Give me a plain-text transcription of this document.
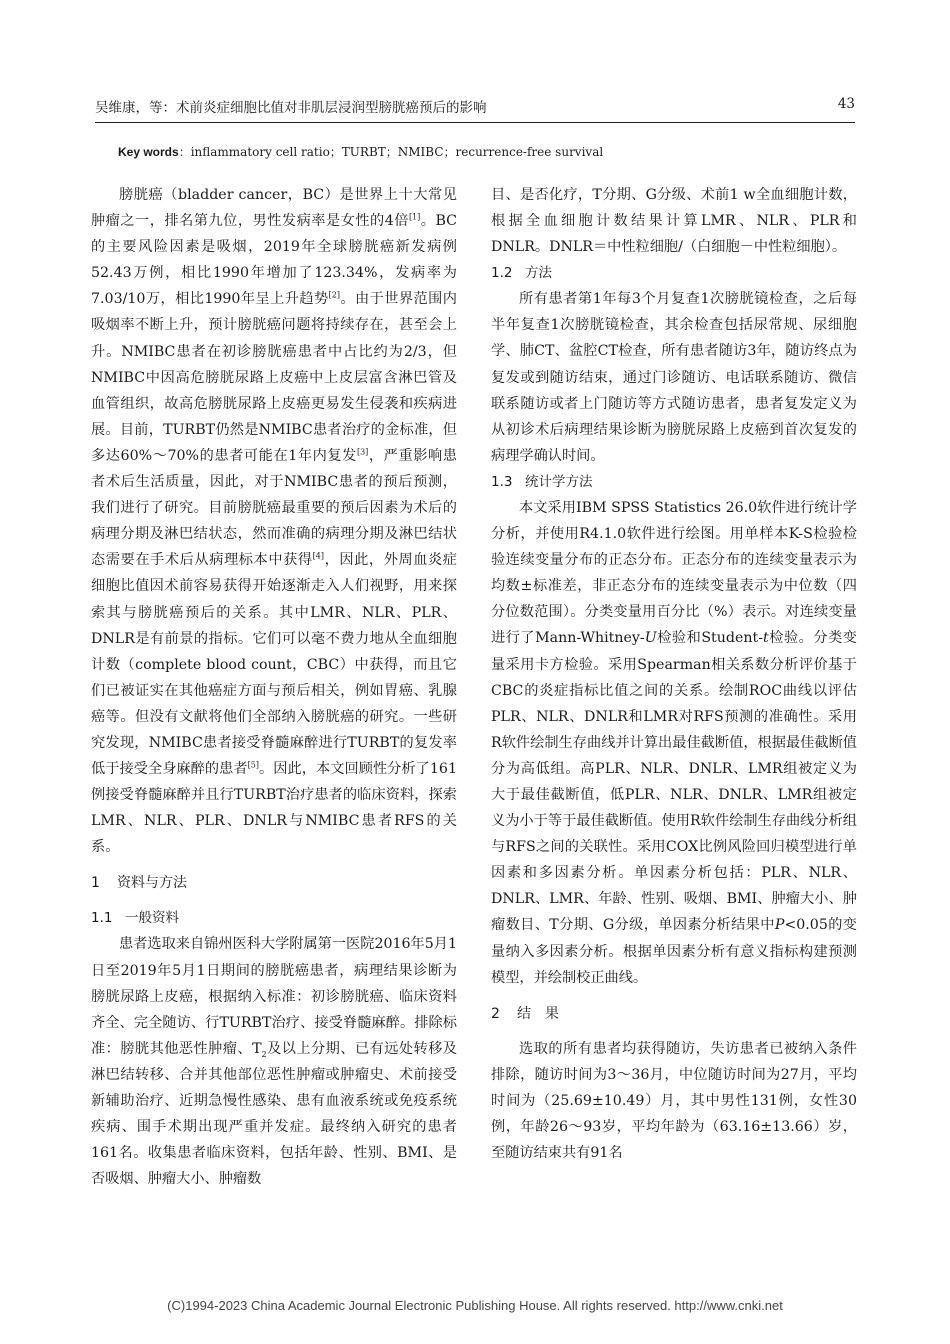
吴维康，等：术前炎症细胞比值对非肌层浸润型膀胱癌预后的影响	43
Key words：inflammatory cell ratio；TURBT；NMIBC；recurrence-free survival

膀胱癌（bladder cancer，BC）是世界上十大常见肿瘤之一，排名第九位，男性发病率是女性的4倍[1]。BC的主要风险因素是吸烟，2019年全球膀胱癌新发病例52.43万例，相比1990年增加了123.34%，发病率为7.03/10万，相比1990年呈上升趋势[2]。由于世界范围内吸烟率不断上升，预计膀胱癌问题将持续存在，甚至会上升。NMIBC患者在初诊膀胱癌患者中占比约为2/3，但NMIBC中因高危膀胱尿路上皮癌中上皮层富含淋巴管及血管组织，故高危膀胱尿路上皮癌更易发生侵袭和疾病进展。目前，TURBT仍然是NMIBC患者治疗的金标准，但多达60%～70%的患者可能在1年内复发[3]，严重影响患者术后生活质量，因此，对于NMIBC患者的预后预测，我们进行了研究。目前膀胱癌最重要的预后因素为术后的病理分期及淋巴结状态，然而准确的病理分期及淋巴结状态需要在手术后从病理标本中获得[4]，因此，外周血炎症细胞比值因术前容易获得开始逐渐走入人们视野，用来探索其与膀胱癌预后的关系。其中LMR、NLR、PLR、DNLR是有前景的指标。它们可以毫不费力地从全血细胞计数（complete blood count，CBC）中获得，而且它们已被证实在其他癌症方面与预后相关，例如胃癌、乳腺癌等。但没有文献将他们全部纳入膀胱癌的研究。一些研究发现，NMIBC患者接受脊髓麻醉进行TURBT的复发率低于接受全身麻醉的患者[5]。因此，本文回顾性分析了161例接受脊髓麻醉并且行TURBT治疗患者的临床资料，探索LMR、NLR、PLR、DNLR与NMIBC患者RFS的关系。

1 资料与方法
1.1 一般资料

患者选取来自锦州医科大学附属第一医院2016年5月1日至2019年5月1日期间的膀胱癌患者，病理结果诊断为膀胱尿路上皮癌，根据纳入标准：初诊膀胱癌、临床资料齐全、完全随访、行TURBT治疗、接受脊髓麻醉。排除标准：膀胱其他恶性肿瘤、$T_2$及以上分期、已有远处转移及淋巴结转移、合并其他部位恶性肿瘤或肿瘤史、术前接受新辅助治疗、近期急慢性感染、患有血液系统或免疫系统疾病、围手术期出现严重并发症。最终纳入研究的患者161名。收集患者临床资料，包括年龄、性别、BMI、是否吸烟、肿瘤大小、肿瘤数

目、是否化疗，T分期、G分级、术前1 w全血细胞计数，根据全血细胞计数结果计算LMR、NLR、PLR和DNLR。DNLR＝中性粒细胞/（白细胞－中性粒细胞）。

1.2 方法

所有患者第1年每3个月复查1次膀胱镜检查，之后每半年复查1次膀胱镜检查，其余检查包括尿常规、尿细胞学、肺CT、盆腔CT检查，所有患者随访3年，随访终点为复发或到随访结束，通过门诊随访、电话联系随访、微信联系随访或者上门随访等方式随访患者，患者复发定义为从初诊术后病理结果诊断为膀胱尿路上皮癌到首次复发的病理学确认时间。

1.3 统计学方法

本文采用IBM SPSS Statistics 26.0软件进行统计学分析，并使用R4.1.0软件进行绘图。用单样本K-S检验检验连续变量分布的正态分布。正态分布的连续变量表示为均数±标准差，非正态分布的连续变量表示为中位数（四分位数范围）。分类变量用百分比（%）表示。对连续变量进行了Mann-Whitney-U检验和Student-t检验。分类变量采用卡方检验。采用Spearman相关系数分析评价基于CBC的炎症指标比值之间的关系。绘制ROC曲线以评估PLR、NLR、DNLR和LMR对RFS预测的准确性。采用R软件绘制生存曲线并计算出最佳截断值，根据最佳截断值分为高低组。高PLR、NLR、DNLR、LMR组被定义为大于最佳截断值，低PLR、NLR、DNLR、LMR组被定义为小于等于最佳截断值。使用R软件绘制生存曲线分析组与RFS之间的关联性。采用COX比例风险回归模型进行单因素和多因素分析。单因素分析包括：PLR、NLR、DNLR、LMR、年龄、性别、吸烟、BMI、肿瘤大小、肿瘤数目、T分期、G分级，单因素分析结果中P<0.05的变量纳入多因素分析。根据单因素分析有意义指标构建预测模型，并绘制校正曲线。

2 结　果

选取的所有患者均获得随访，失访患者已被纳入条件排除，随访时间为3～36月，中位随访时间为27月，平均时间为（25.69±10.49）月，其中男性131例，女性30例，年龄26～93岁，平均年龄为（63.16±13.66）岁，至随访结束共有91名

(C)1994-2023 China Academic Journal Electronic Publishing House. All rights reserved. http://www.cnki.net
